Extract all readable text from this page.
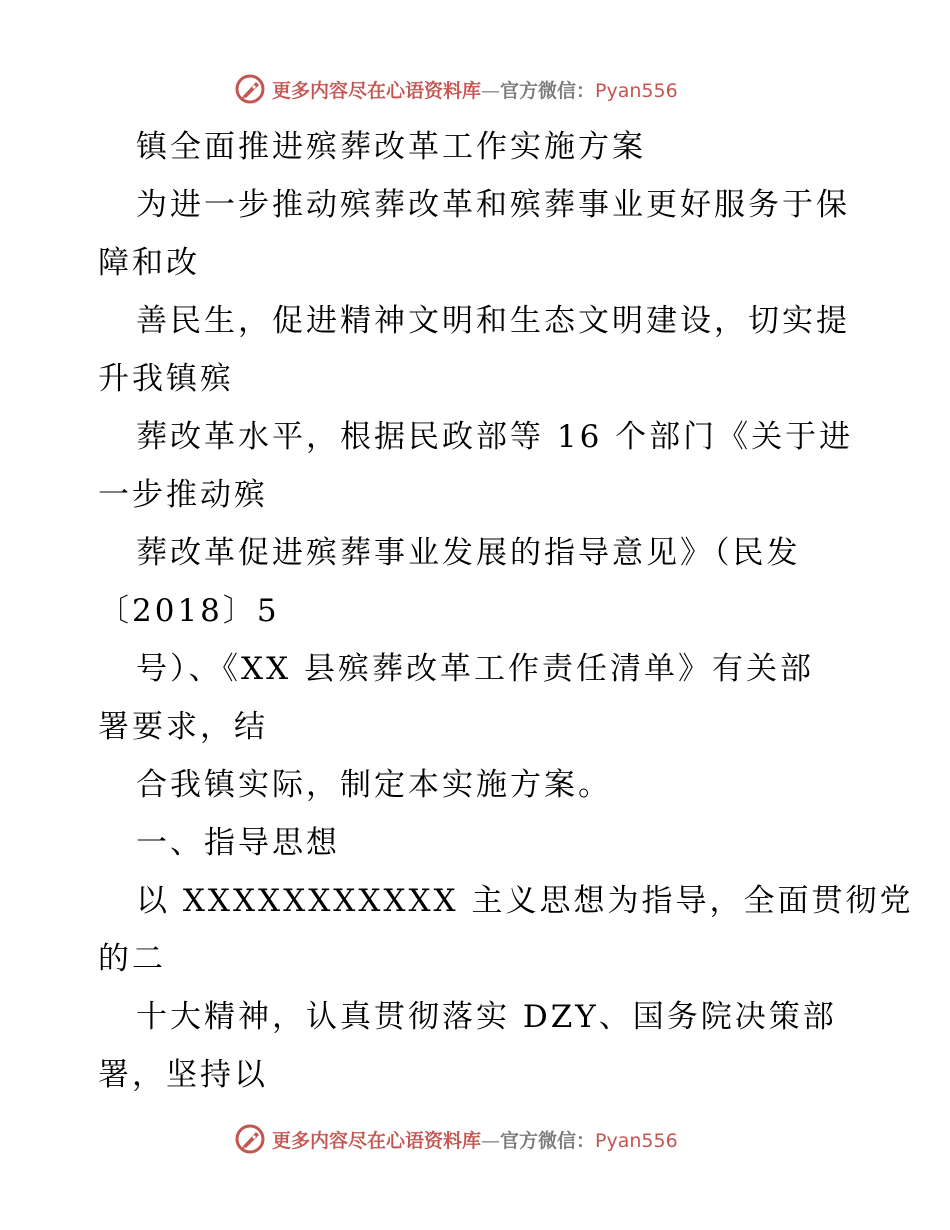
更多内容尽在心语资料库—官方微信：Pyan556
镇全面推进殡葬改革工作实施方案
为进一步推动殡葬改革和殡葬事业更好服务于保
障和改
善民生，促进精神文明和生态文明建设，切实提
升我镇殡
葬改革水平，根据民政部等 16 个部门《关于进
一步推动殡
葬改革促进殡葬事业发展的指导意见》（民发
〔2018〕5
号）、《XX 县殡葬改革工作责任清单》有关部
署要求，结
合我镇实际，制定本实施方案。
一、指导思想
以 XXXXXXXXXXX 主义思想为指导，全面贯彻党
的二
十大精神，认真贯彻落实 DZY、国务院决策部
署，坚持以
更多内容尽在心语资料库—官方微信：Pyan556
